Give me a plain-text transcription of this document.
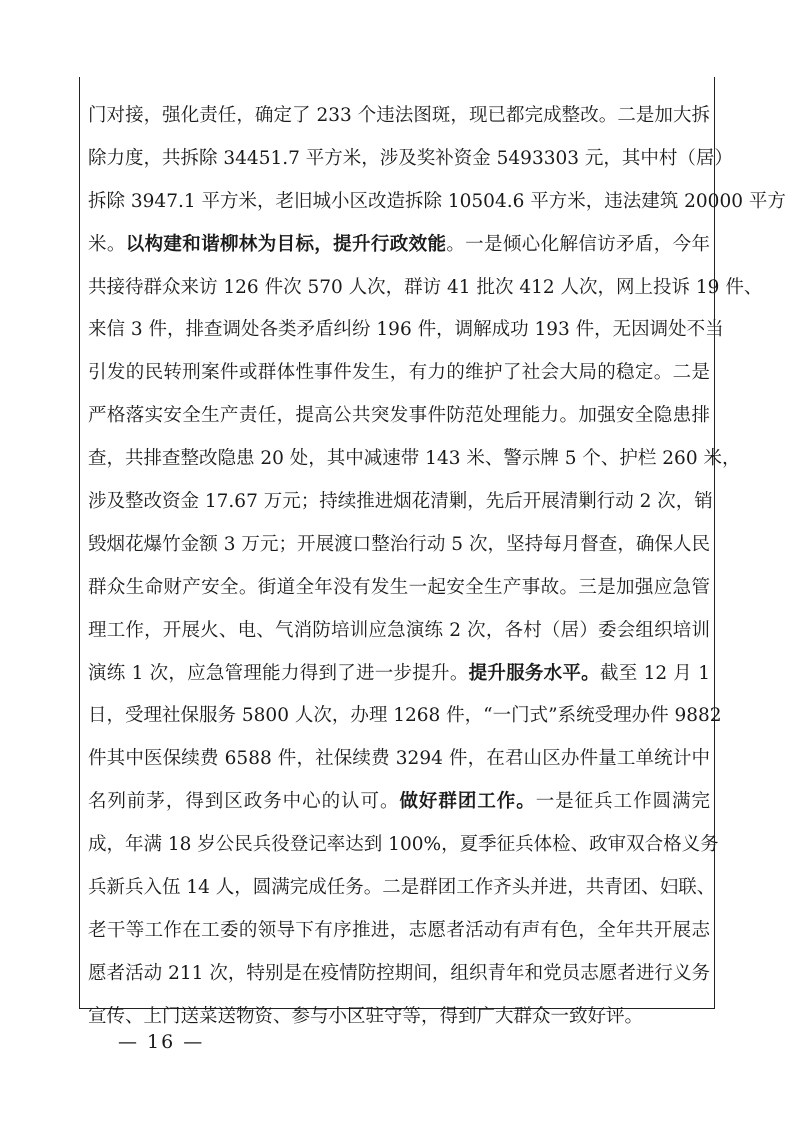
门对接，强化责任，确定了 233 个违法图斑，现已都完成整改。二是加大拆
除力度，共拆除 34451.7 平方米，涉及奖补资金 5493303 元，其中村（居）
拆除 3947.1 平方米，老旧城小区改造拆除 10504.6 平方米，违法建筑 20000 平方
米。以构建和谐柳林为目标，提升行政效能。一是倾心化解信访矛盾，今年
共接待群众来访 126 件次 570 人次，群访 41 批次 412 人次，网上投诉 19 件、
来信 3 件，排查调处各类矛盾纠纷 196 件，调解成功 193 件，无因调处不当
引发的民转刑案件或群体性事件发生，有力的维护了社会大局的稳定。二是
严格落实安全生产责任，提高公共突发事件防范处理能力。加强安全隐患排
查，共排查整改隐患 20 处，其中减速带 143 米、警示牌 5 个、护栏 260 米，
涉及整改资金 17.67 万元；持续推进烟花清剿，先后开展清剿行动 2 次，销
毁烟花爆竹金额 3 万元；开展渡口整治行动 5 次，坚持每月督查，确保人民
群众生命财产安全。街道全年没有发生一起安全生产事故。三是加强应急管
理工作，开展火、电、气消防培训应急演练 2 次，各村（居）委会组织培训
演练 1 次，应急管理能力得到了进一步提升。提升服务水平。截至 12 月 1
日，受理社保服务 5800 人次，办理 1268 件，“一门式”系统受理办件 9882
件其中医保续费 6588 件，社保续费 3294 件，在君山区办件量工单统计中
名列前茅，得到区政务中心的认可。做好群团工作。一是征兵工作圆满完
成，年满 18 岁公民兵役登记率达到 100%，夏季征兵体检、政审双合格义务
兵新兵入伍 14 人，圆满完成任务。二是群团工作齐头并进，共青团、妇联、
老干等工作在工委的领导下有序推进，志愿者活动有声有色，全年共开展志
愿者活动 211 次，特别是在疫情防控期间，组织青年和党员志愿者进行义务
宣传、上门送菜送物资、参与小区驻守等，得到广大群众一致好评。
— 16 —
